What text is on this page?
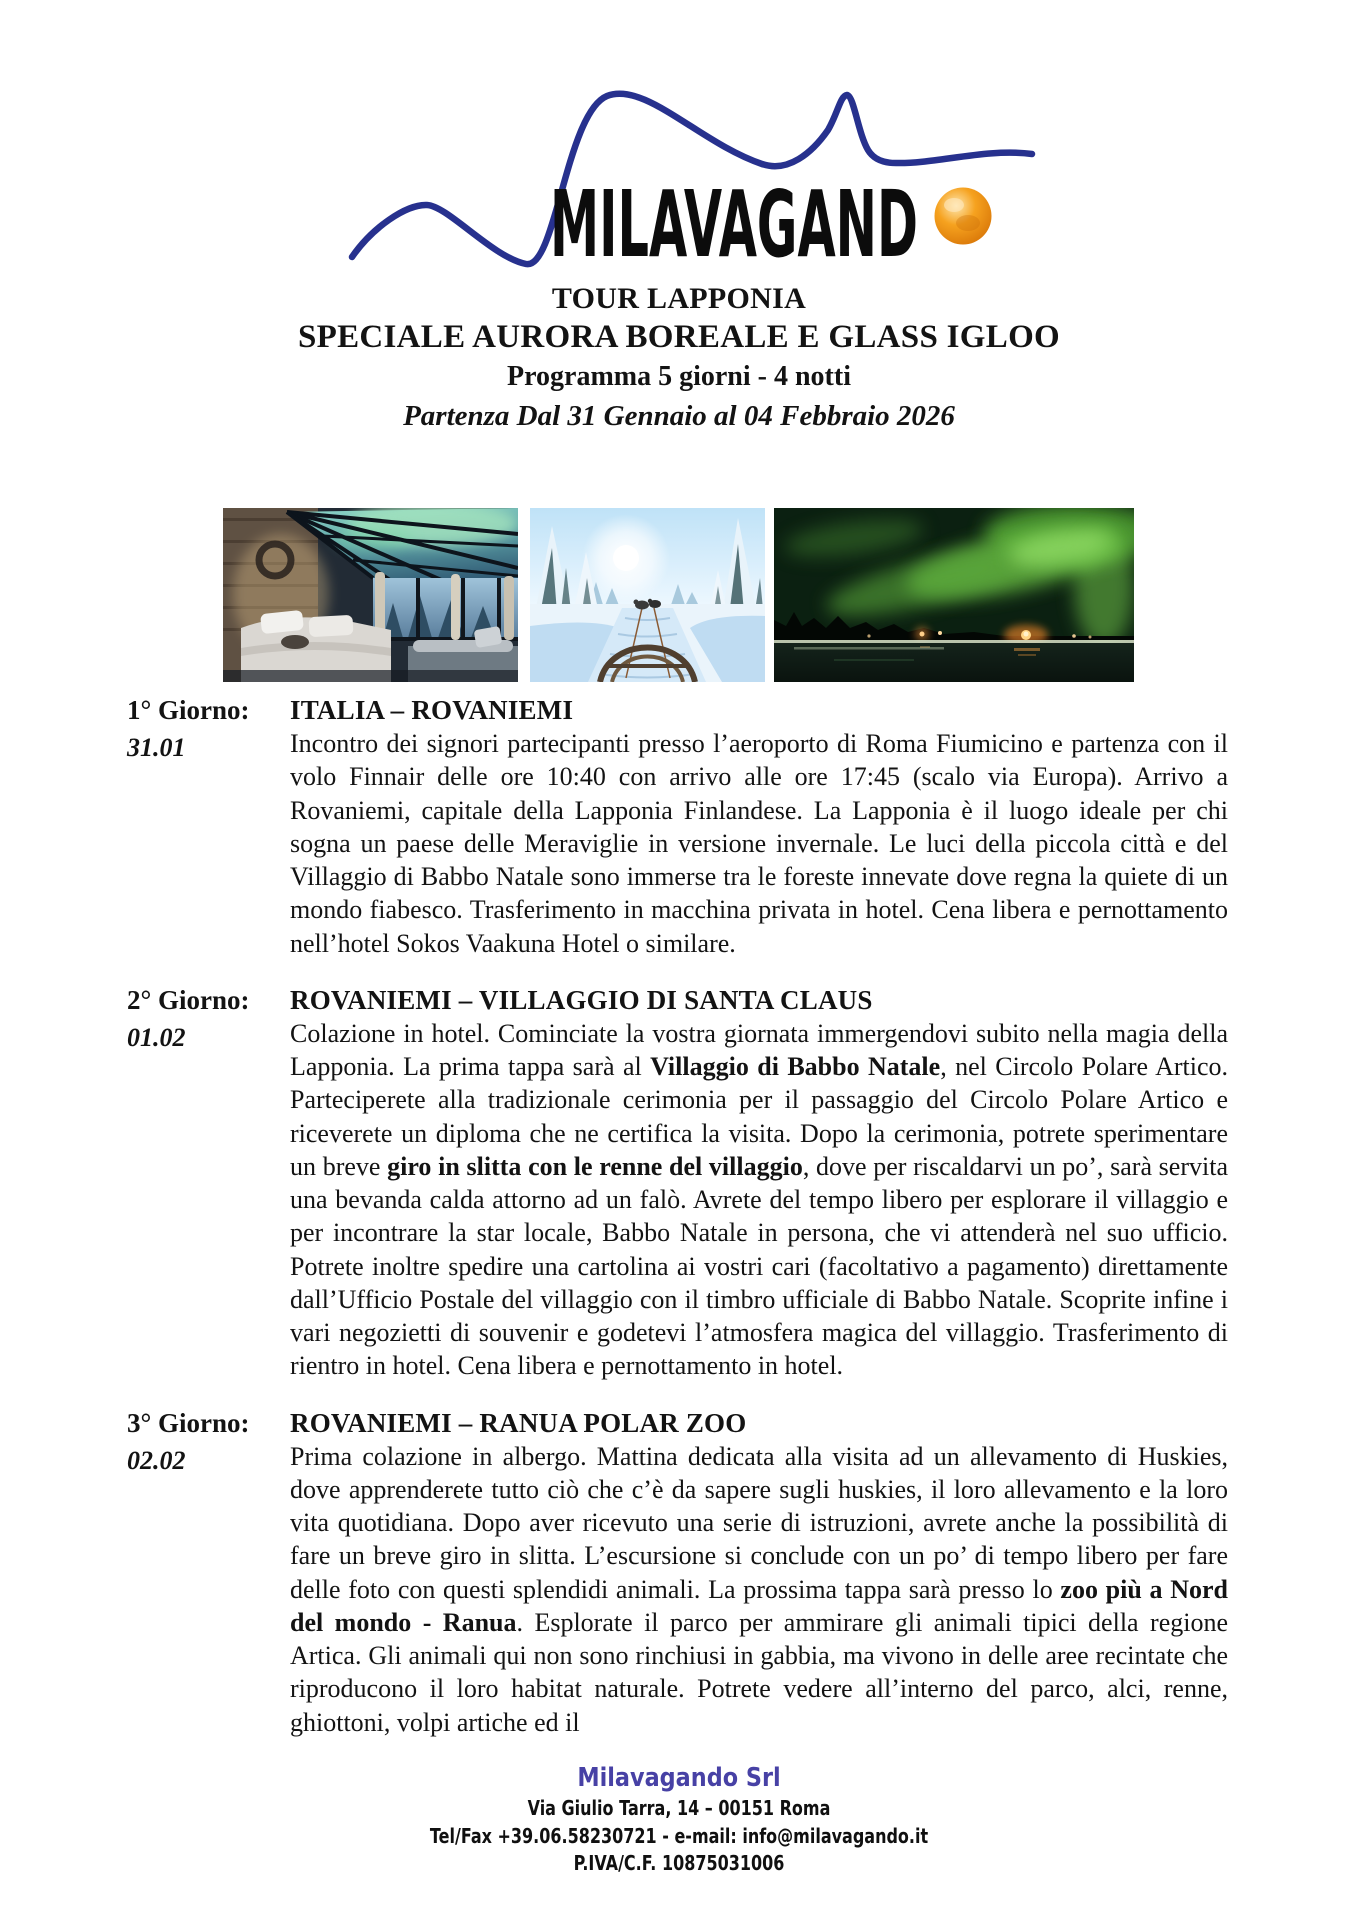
MILAVAGAND
TOUR LAPPONIA
SPECIALE AURORA BOREALE E GLASS IGLOO
Programma 5 giorni - 4 notti
Partenza Dal 31 Gennaio al 04 Febbraio 2026
1° Giorno:
31.01
ITALIA – ROVANIEMI
Incontro dei signori partecipanti presso l’aeroporto di Roma Fiumicino e partenza con il volo Finnair delle ore 10:40 con arrivo alle ore 17:45 (scalo via Europa). Arrivo a Rovaniemi, capitale della Lapponia Finlandese. La Lapponia è il luogo ideale per chi sogna un paese delle Meraviglie in versione invernale. Le luci della piccola città e del Villaggio di Babbo Natale sono immerse tra le foreste innevate dove regna la quiete di un mondo fiabesco. Trasferimento in macchina privata in hotel. Cena libera e pernottamento nell’hotel Sokos Vaakuna Hotel o similare.
2° Giorno:
01.02
ROVANIEMI – VILLAGGIO DI SANTA CLAUS
Colazione in hotel. Cominciate la vostra giornata immergendovi subito nella magia della Lapponia. La prima tappa sarà al Villaggio di Babbo Natale, nel Circolo Polare Artico. Parteciperete alla tradizionale cerimonia per il passaggio del Circolo Polare Artico e riceverete un diploma che ne certifica la visita. Dopo la cerimonia, potrete sperimentare un breve giro in slitta con le renne del villaggio, dove per riscaldarvi un po’, sarà servita una bevanda calda attorno ad un falò. Avrete del tempo libero per esplorare il villaggio e per incontrare la star locale, Babbo Natale in persona, che vi attenderà nel suo ufficio. Potrete inoltre spedire una cartolina ai vostri cari (facoltativo a pagamento) direttamente dall’Ufficio Postale del villaggio con il timbro ufficiale di Babbo Natale. Scoprite infine i vari negozietti di souvenir e godetevi l’atmosfera magica del villaggio. Trasferimento di rientro in hotel. Cena libera e pernottamento in hotel.
3° Giorno:
02.02
ROVANIEMI – RANUA POLAR ZOO
Prima colazione in albergo. Mattina dedicata alla visita ad un allevamento di Huskies, dove apprenderete tutto ciò che c’è da sapere sugli huskies, il loro allevamento e la loro vita quotidiana. Dopo aver ricevuto una serie di istruzioni, avrete anche la possibilità di fare un breve giro in slitta. L’escursione si conclude con un po’ di tempo libero per fare delle foto con questi splendidi animali. La prossima tappa sarà presso lo zoo più a Nord del mondo - Ranua. Esplorate il parco per ammirare gli animali tipici della regione Artica. Gli animali qui non sono rinchiusi in gabbia, ma vivono in delle aree recintate che riproducono il loro habitat naturale. Potrete vedere all’interno del parco, alci, renne, ghiottoni, volpi artiche ed il
Milavagando Srl
Via Giulio Tarra, 14 – 00151 Roma
Tel/Fax +39.06.58230721 - e-mail: info@milavagando.it
P.IVA/C.F. 10875031006
